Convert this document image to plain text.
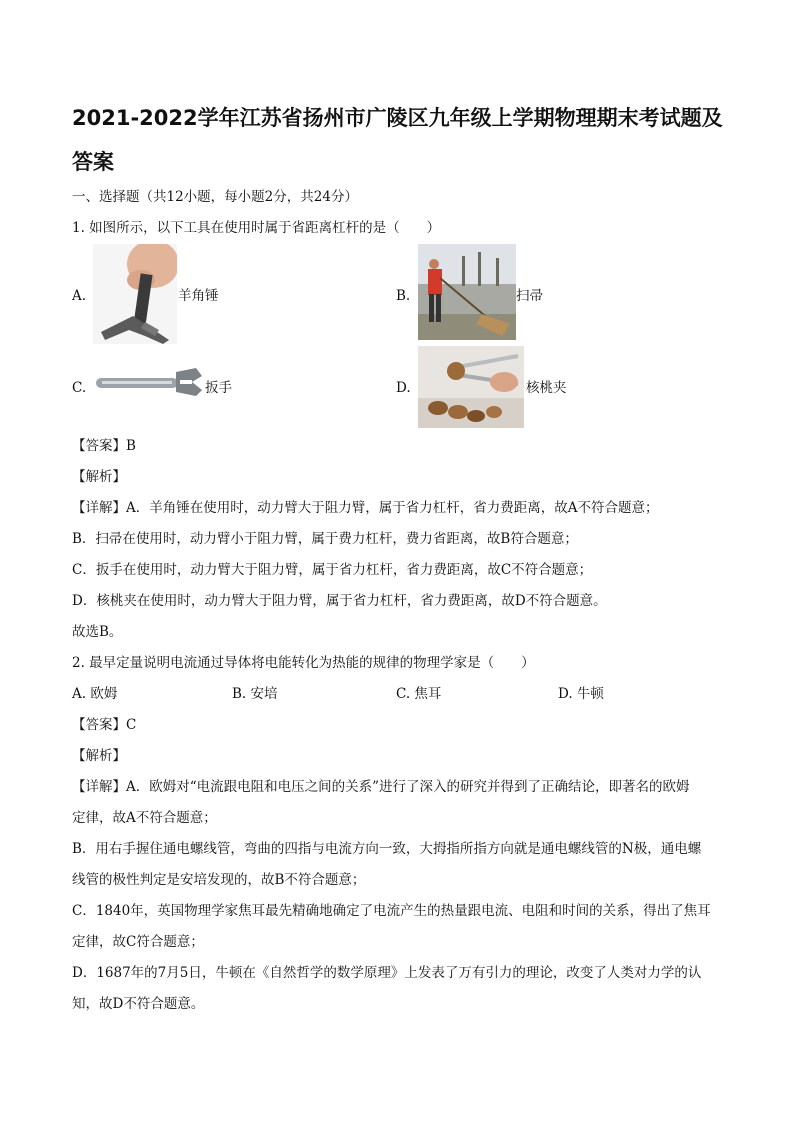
2021-2022学年江苏省扬州市广陵区九年级上学期物理期末考试题及答案
一、选择题（共12小题，每小题2分，共24分）
1. 如图所示，以下工具在使用时属于省距离杠杆的是（　　）
A.	羊角锤	B.	扫帚
C.	扳手	D.	核桃夹
【答案】B
【解析】
【详解】A．羊角锤在使用时，动力臂大于阻力臂，属于省力杠杆，省力费距离，故A不符合题意；
B．扫帚在使用时，动力臂小于阻力臂，属于费力杠杆，费力省距离，故B符合题意；
C．扳手在使用时，动力臂大于阻力臂，属于省力杠杆，省力费距离，故C不符合题意；
D．核桃夹在使用时，动力臂大于阻力臂，属于省力杠杆，省力费距离，故D不符合题意。
故选B。
2. 最早定量说明电流通过导体将电能转化为热能的规律的物理学家是（　　）
A. 欧姆	B. 安培	C. 焦耳	D. 牛顿
【答案】C
【解析】
【详解】A．欧姆对“电流跟电阻和电压之间的关系”进行了深入的研究并得到了正确结论，即著名的欧姆
定律，故A不符合题意；
B．用右手握住通电螺线管，弯曲的四指与电流方向一致，大拇指所指方向就是通电螺线管的N极，通电螺
线管的极性判定是安培发现的，故B不符合题意；
C．1840年，英国物理学家焦耳最先精确地确定了电流产生的热量跟电流、电阻和时间的关系，得出了焦耳
定律，故C符合题意；
D．1687年的7月5日，牛顿在《自然哲学的数学原理》上发表了万有引力的理论，改变了人类对力学的认
知，故D不符合题意。
